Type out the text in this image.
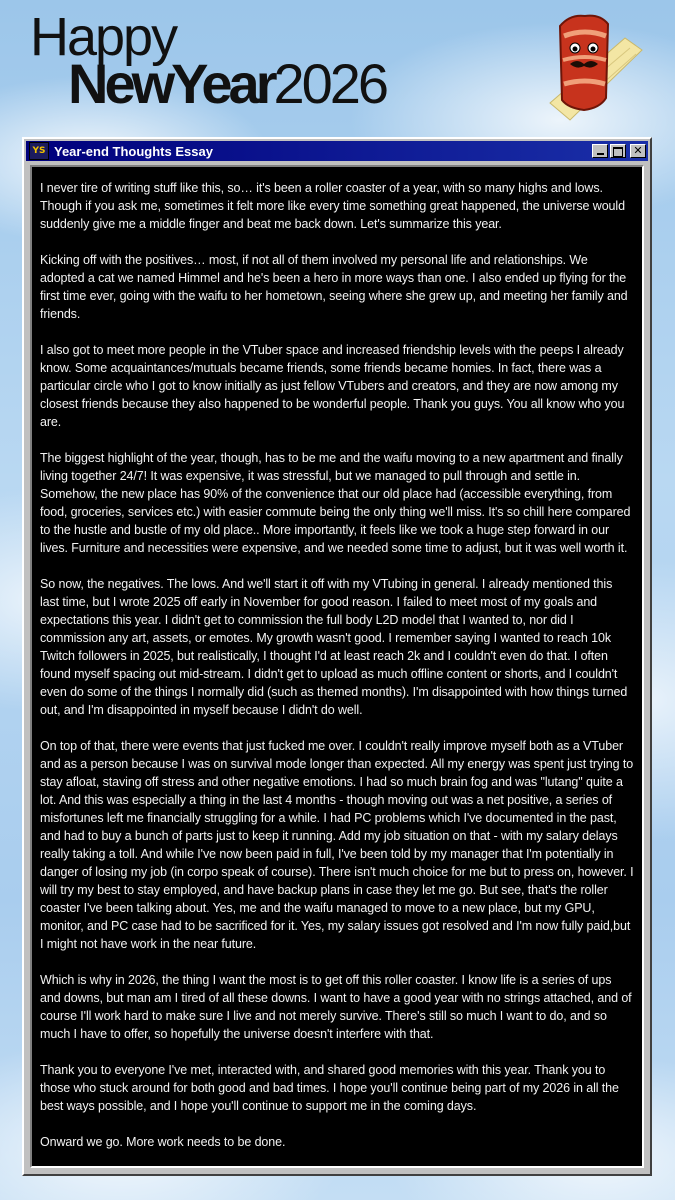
Happy
NewYear2026
YS Year-end Thoughts Essay	✕

I never tire of writing stuff like this, so… it's been a roller coaster of a year, with so many highs and lows. Though if you ask me, sometimes it felt more like every time something great happened, the universe would suddenly give me a middle finger and beat me back down. Let's summarize this year.

Kicking off with the positives… most, if not all of them involved my personal life and relationships. We adopted a cat we named Himmel and he's been a hero in more ways than one. I also ended up flying for the first time ever, going with the waifu to her hometown, seeing where she grew up, and meeting her family and friends.

I also got to meet more people in the VTuber space and increased friendship levels with the peeps I already know. Some acquaintances/mutuals became friends, some friends became homies. In fact, there was a particular circle who I got to know initially as just fellow VTubers and creators, and they are now among my closest friends because they also happened to be wonderful people. Thank you guys. You all know who you are.

The biggest highlight of the year, though, has to be me and the waifu moving to a new apartment and finally living together 24/7! It was expensive, it was stressful, but we managed to pull through and settle in. Somehow, the new place has 90% of the convenience that our old place had (accessible everything, from food, groceries, services etc.) with easier commute being the only thing we'll miss. It's so chill here compared to the hustle and bustle of my old place.. More importantly, it feels like we took a huge step forward in our lives. Furniture and necessities were expensive, and we needed some time to adjust, but it was well worth it.

So now, the negatives. The lows. And we'll start it off with my VTubing in general. I already mentioned this last time, but I wrote 2025 off early in November for good reason. I failed to meet most of my goals and expectations this year. I didn't get to commission the full body L2D model that I wanted to, nor did I commission any art, assets, or emotes. My growth wasn't good. I remember saying I wanted to reach 10k Twitch followers in 2025, but realistically, I thought I'd at least reach 2k and I couldn't even do that. I often found myself spacing out mid-stream. I didn't get to upload as much offline content or shorts, and I couldn't even do some of the things I normally did (such as themed months). I'm disappointed with how things turned out, and I'm disappointed in myself because I didn't do well.

On top of that, there were events that just fucked me over. I couldn't really improve myself both as a VTuber and as a person because I was on survival mode longer than expected. All my energy was spent just trying to stay afloat, staving off stress and other negative emotions. I had so much brain fog and was "lutang" quite a lot. And this was especially a thing in the last 4 months - though moving out was a net positive, a series of misfortunes left me financially struggling for a while. I had PC problems which I've documented in the past, and had to buy a bunch of parts just to keep it running. Add my job situation on that - with my salary delays really taking a toll. And while I've now been paid in full, I've been told by my manager that I'm potentially in danger of losing my job (in corpo speak of course). There isn't much choice for me but to press on, however. I will try my best to stay employed, and have backup plans in case they let me go. But see, that's the roller coaster I've been talking about. Yes, me and the waifu managed to move to a new place, but my GPU, monitor, and PC case had to be sacrificed for it. Yes, my salary issues got resolved and I'm now fully paid,but I might not have work in the near future.

Which is why in 2026, the thing I want the most is to get off this roller coaster. I know life is a series of ups and downs, but man am I tired of all these downs. I want to have a good year with no strings attached, and of course I'll work hard to make sure I live and not merely survive. There's still so much I want to do, and so much I have to offer, so hopefully the universe doesn't interfere with that.

Thank you to everyone I've met, interacted with, and shared good memories with this year. Thank you to those who stuck around for both good and bad times. I hope you'll continue being part of my 2026 in all the best ways possible, and I hope you'll continue to support me in the coming days.

Onward we go. More work needs to be done.
